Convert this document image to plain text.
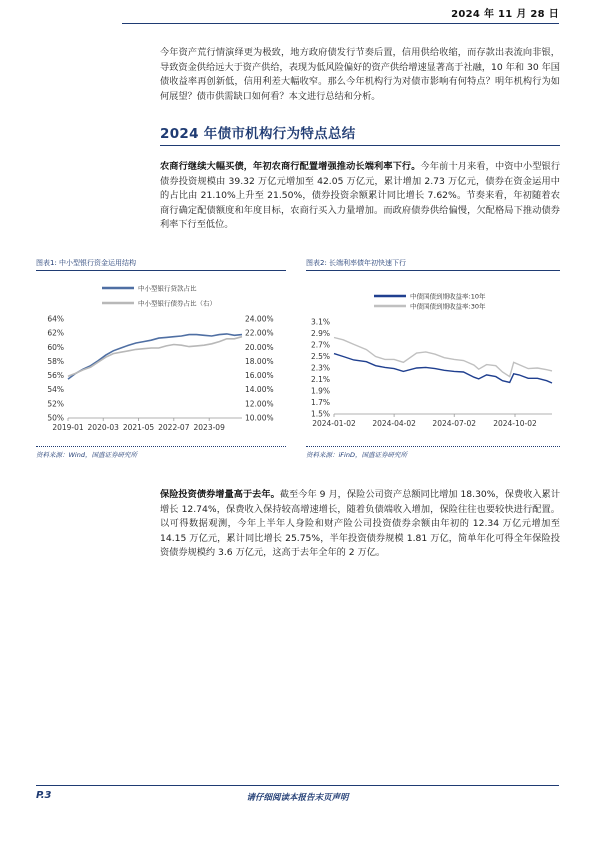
2024 年 11 月 28 日

今年资产荒行情演绎更为极致，地方政府债发行节奏后置，信用供给收缩，而存款出表流向非银，导致资金供给远大于资产供给，表现为低风险偏好的资产供给增速显著高于社融，10 年和 30 年国债收益率再创新低，信用利差大幅收窄。那么今年机构行为对债市影响有何特点？明年机构行为如何展望？债市供需缺口如何看？本文进行总结和分析。

2024 年债市机构行为特点总结

农商行继续大幅买债，年初农商行配置增强推动长端利率下行。今年前十月来看，中资中小型银行债券投资规模由 39.32 万亿元增加至 42.05 万亿元，累计增加 2.73 万亿元，债券在资金运用中的占比由 21.10%上升至 21.50%，债券投资余额累计同比增长 7.62%。节奏来看，年初随着农商行确定配债额度和年度目标，农商行买入力量增加。而政府债券供给偏慢，欠配格局下推动债券利率下行至低位。

图表1: 中小型银行资金运用结构
50%
52%
54%
56%
58%
60%
62%
64%
10.00%
12.00%
14.00%
16.00%
18.00%
20.00%
22.00%
24.00%
2019-01 2020-03 2021-05 2022-07 2023-09
中小型银行贷款占比
中小型银行债券占比（右）
资料来源：Wind，国盛证券研究所
图表2: 长端利率债年初快速下行
1.5%
1.7%
1.9%
2.1%
2.3%
2.5%
2.7%
2.9%
3.1%
2024-01-02 2024-04-02 2024-07-02 2024-10-02
中债国债到期收益率:10年
中债国债到期收益率:30年
资料来源：iFinD，国盛证券研究所

保险投资债券增量高于去年。截至今年 9 月，保险公司资产总额同比增加 18.30%，保费收入累计增长 12.74%，保费收入保持较高增速增长，随着负债端收入增加，保险往往也要较快进行配置。以可得数据观测，今年上半年人身险和财产险公司投资债券余额由年初的 12.34 万亿元增加至 14.15 万亿元，累计同比增长 25.75%，半年投资债券规模 1.81 万亿，简单年化可得全年保险投资债券规模约 3.6 万亿元，这高于去年全年的 2 万亿。

P.3	请仔细阅读本报告末页声明
